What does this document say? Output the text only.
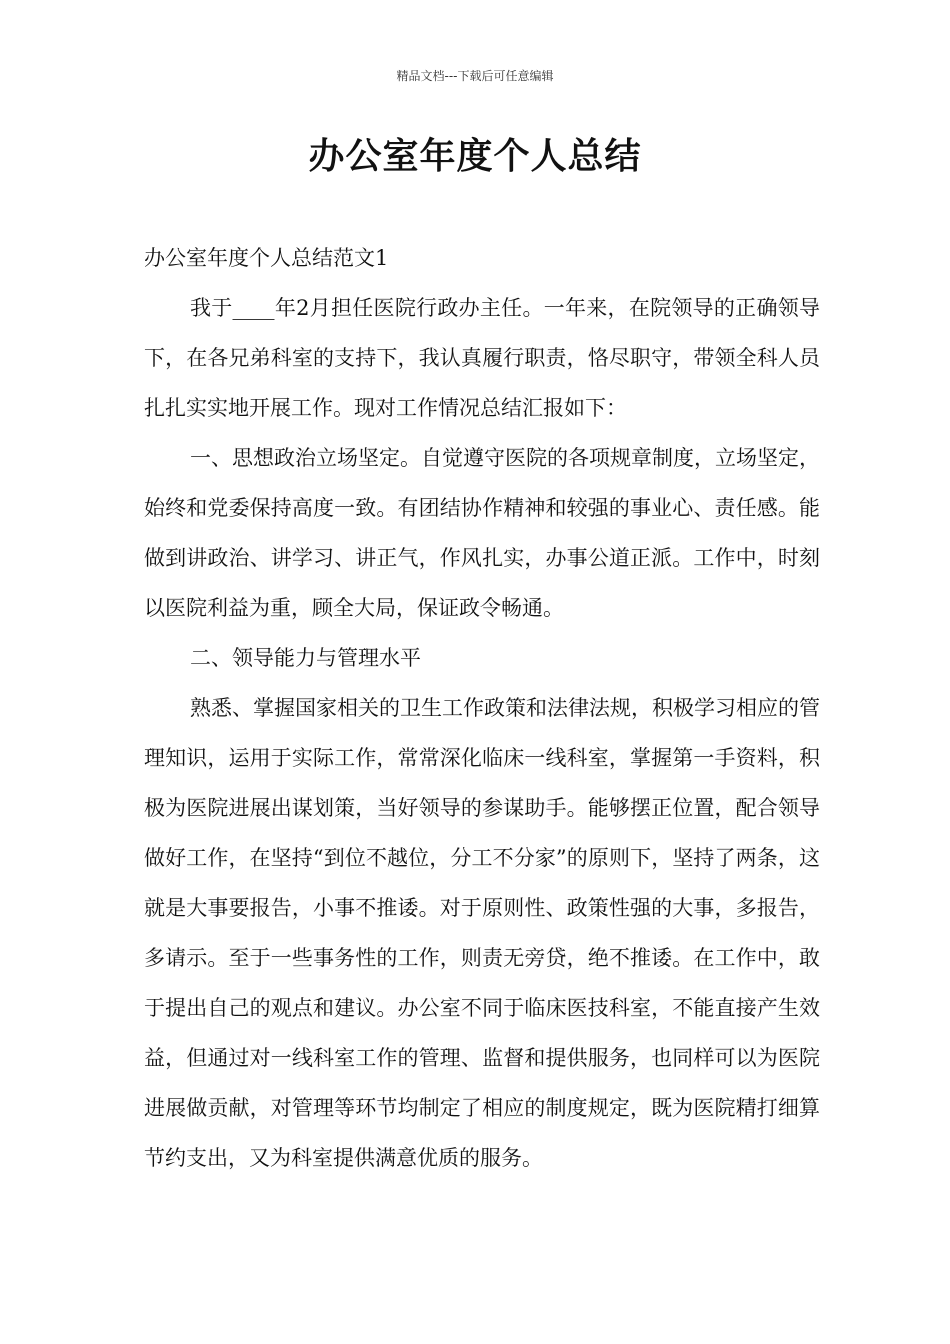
精品文档---下载后可任意编辑
办公室年度个人总结

办公室年度个人总结范文1

我于____年2月担任医院行政办主任。一年来，在院领导的正确领导下，在各兄弟科室的支持下，我认真履行职责，恪尽职守，带领全科人员扎扎实实地开展工作。现对工作情况总结汇报如下：

一、思想政治立场坚定。自觉遵守医院的各项规章制度，立场坚定，始终和党委保持高度一致。有团结协作精神和较强的事业心、责任感。能做到讲政治、讲学习、讲正气，作风扎实，办事公道正派。工作中，时刻以医院利益为重，顾全大局，保证政令畅通。

二、领导能力与管理水平

熟悉、掌握国家相关的卫生工作政策和法律法规，积极学习相应的管理知识，运用于实际工作，常常深化临床一线科室，掌握第一手资料，积极为医院进展出谋划策，当好领导的参谋助手。能够摆正位置，配合领导做好工作，在坚持“到位不越位，分工不分家”的原则下，坚持了两条，这就是大事要报告，小事不推诿。对于原则性、政策性强的大事，多报告，多请示。至于一些事务性的工作，则责无旁贷，绝不推诿。在工作中，敢于提出自己的观点和建议。办公室不同于临床医技科室，不能直接产生效益，但通过对一线科室工作的管理、监督和提供服务，也同样可以为医院进展做贡献，对管理等环节均制定了相应的制度规定，既为医院精打细算节约支出，又为科室提供满意优质的服务。
